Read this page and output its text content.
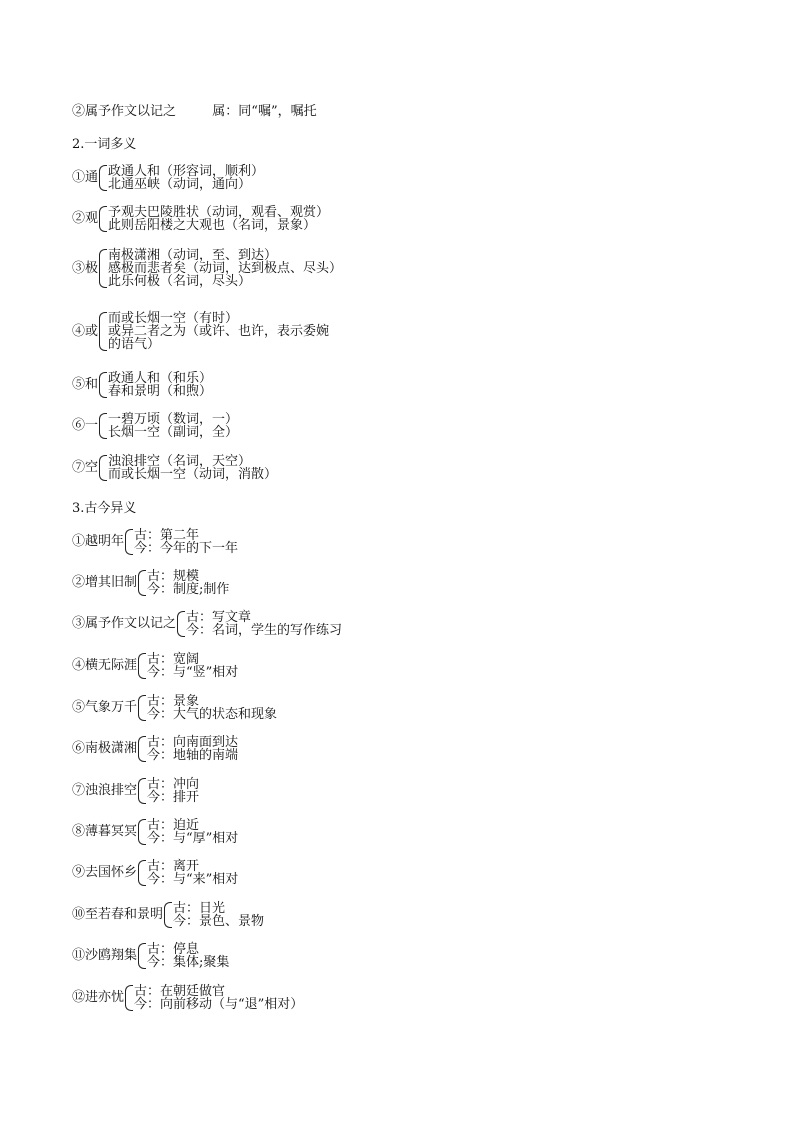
②属予作文以记之	属：同“嘱”，嘱托
2.一词多义
①通 政通人和（形容词，顺利）
北通巫峡（动词，通向）
②观 予观夫巴陵胜状（动词，观看、观赏）
此则岳阳楼之大观也（名词，景象）
③极
南极潇湘（动词，至、到达）
感极而悲者矣（动词，达到极点、尽头）
此乐何极（名词，尽头）
④或
而或长烟一空（有时）
或异二者之为（或许、也许，表示委婉
的语气）
⑤和 政通人和（和乐）
春和景明（和煦）
⑥一 一碧万顷（数词，一）
长烟一空（副词，全）
⑦空 浊浪排空（名词，天空）
而或长烟一空（动词，消散）
3.古今异义
①越明年 古：第二年
今：今年的下一年
②增其旧制 古：规模
今：制度;制作
③属予作文以记之 古：写文章
今：名词，学生的写作练习
④横无际涯 古：宽阔
今：与“竖”相对
⑤气象万千 古：景象
今：大气的状态和现象
⑥南极潇湘 古：向南面到达
今：地轴的南端
⑦浊浪排空 古：冲向
今：排开
⑧薄暮冥冥 古：迫近
今：与“厚”相对
⑨去国怀乡 古：离开
今：与“来”相对
⑩至若春和景明 古：日光
今：景色、景物
⑪沙鸥翔集 古：停息
今：集体;聚集
⑫进亦忧 古：在朝廷做官
今：向前移动（与“退”相对）
